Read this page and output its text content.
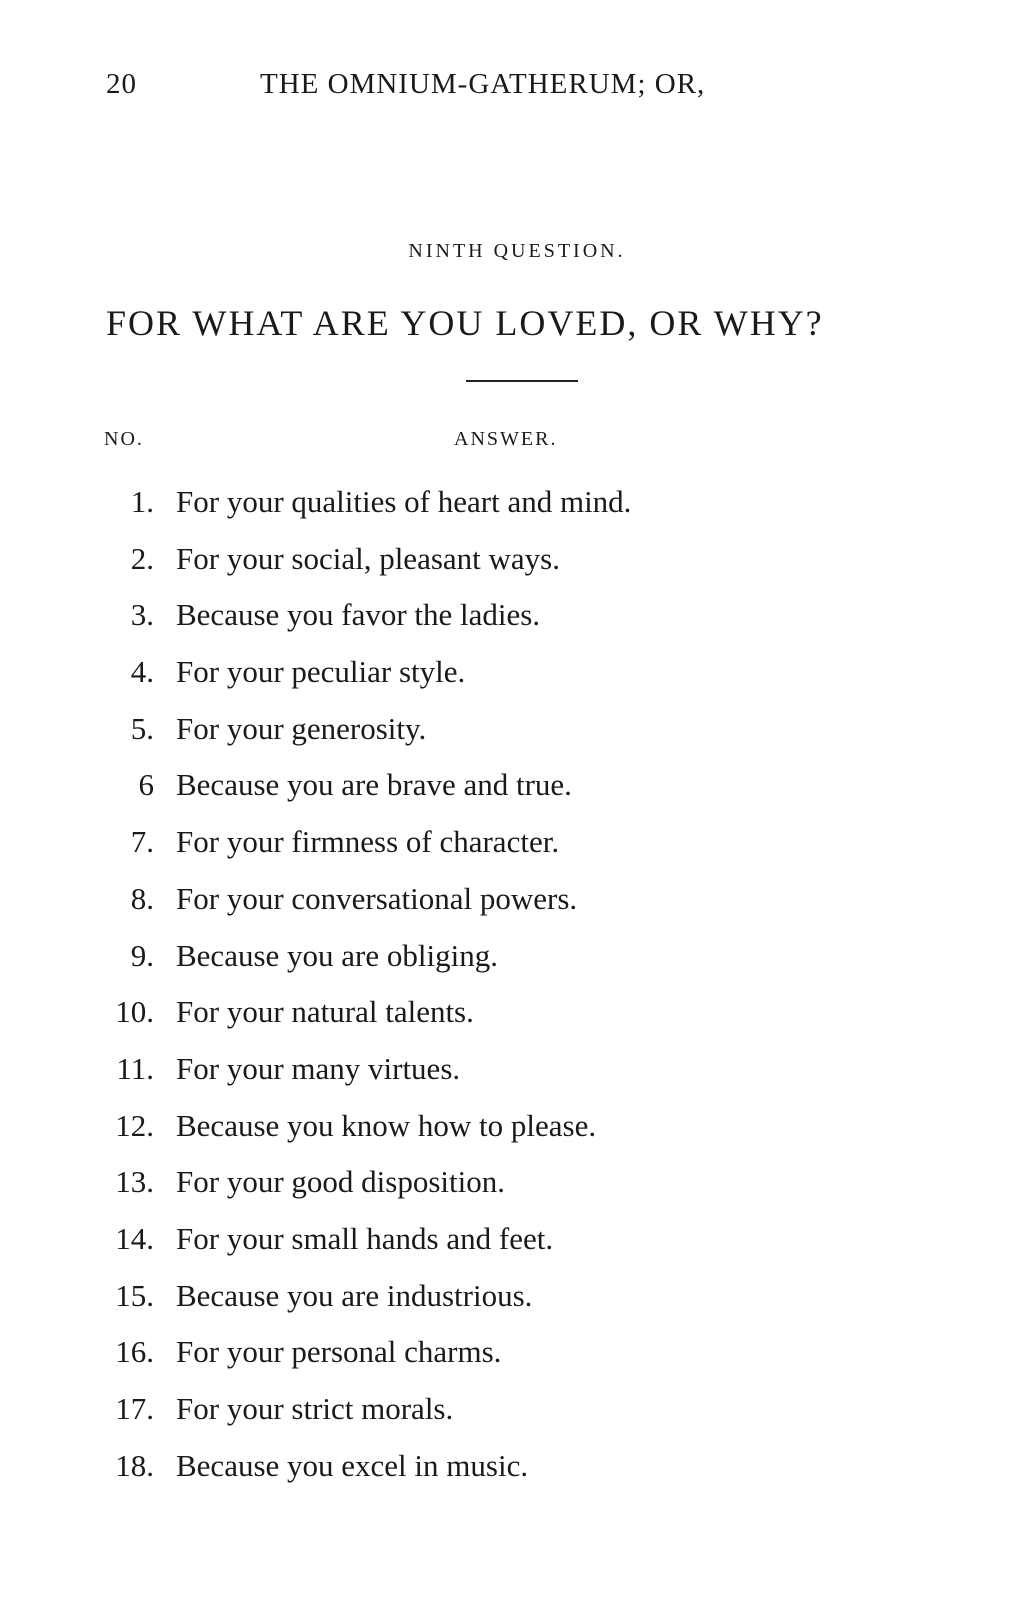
20	THE OMNIUM-GATHERUM; OR,
NINTH QUESTION.
FOR WHAT ARE YOU LOVED, OR WHY?
NO.	ANSWER.
1. For your qualities of heart and mind.
2. For your social, pleasant ways.
3. Because you favor the ladies.
4. For your peculiar style.
5. For your generosity.
6 Because you are brave and true.
7. For your firmness of character.
8. For your conversational powers.
9. Because you are obliging.
10. For your natural talents.
11. For your many virtues.
12. Because you know how to please.
13. For your good disposition.
14. For your small hands and feet.
15. Because you are industrious.
16. For your personal charms.
17. For your strict morals.
18. Because you excel in music.
